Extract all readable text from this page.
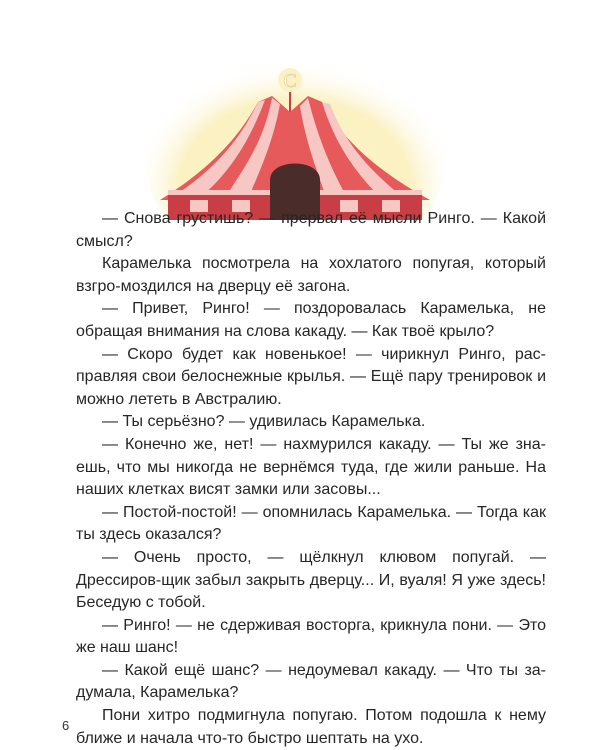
C

— Снова грустишь? — прервал её мысли Ринго. — Какой смысл?

Карамелька посмотрела на хохлатого попугая, который взгро-моздился на дверцу её загона.

— Привет, Ринго! — поздоровалась Карамелька, не обращая внимания на слова какаду. — Как твоё крыло?

— Скоро будет как новенькое! — чирикнул Ринго, рас-правляя свои белоснежные крылья. — Ещё пару тренировок и можно лететь в Австралию.

— Ты серьёзно? — удивилась Карамелька.

— Конечно же, нет! — нахмурился какаду. — Ты же зна-ешь, что мы никогда не вернёмся туда, где жили раньше. На наших клетках висят замки или засовы...

— Постой-постой! — опомнилась Карамелька. — Тогда как ты здесь оказался?

— Очень просто, — щёлкнул клювом попугай. — Дрессиров-щик забыл закрыть дверцу... И, вуаля! Я уже здесь! Беседую с тобой.

— Ринго! — не сдерживая восторга, крикнула пони. — Это же наш шанс!

— Какой ещё шанс? — недоумевал какаду. — Что ты за-думала, Карамелька?

Пони хитро подмигнула попугаю. Потом подошла к нему ближе и начала что-то быстро шептать на ухо.

6
